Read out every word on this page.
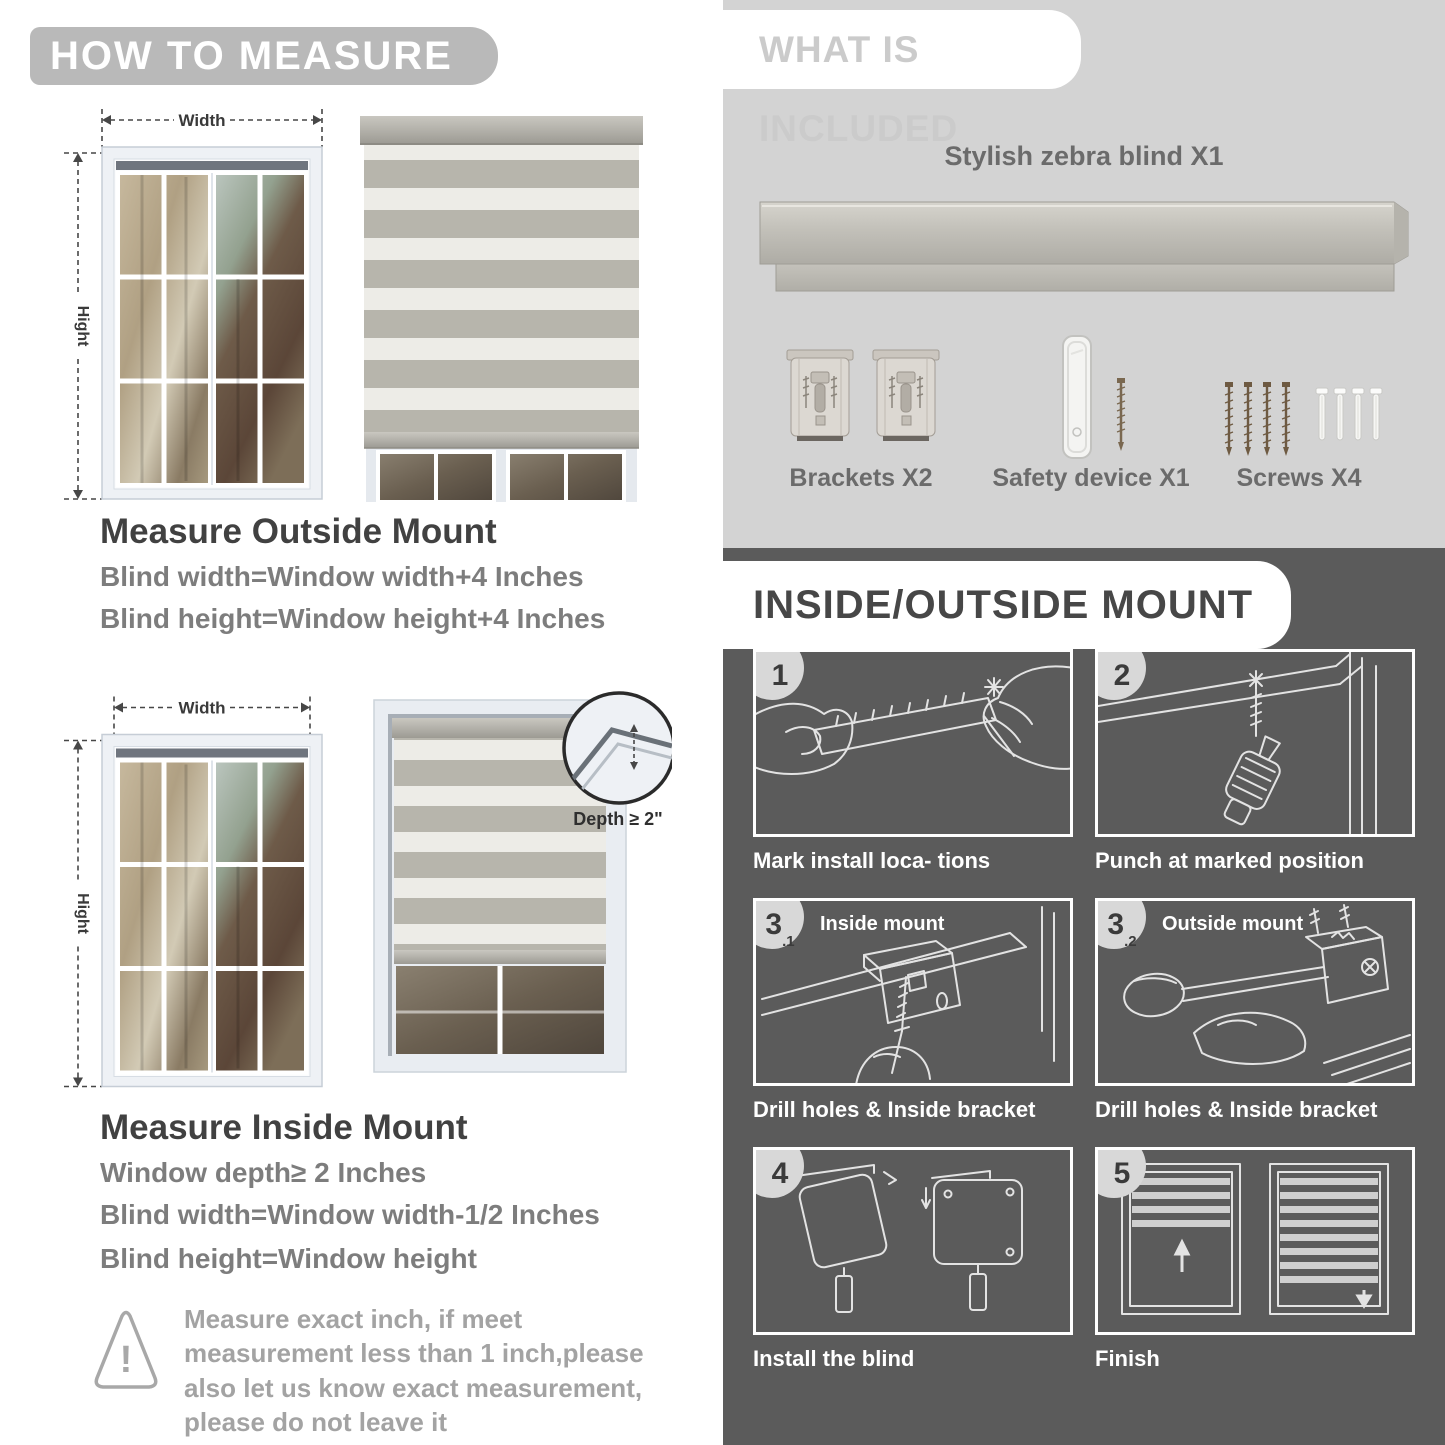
HOW TO MEASURE
Width
Hight
Measure Outside Mount
Blind width=Window width+4 Inches
Blind height=Window height+4 Inches
Width
Hight
Depth ≥ 2"
Measure Inside Mount
Window depth≥ 2 Inches
Blind width=Window width-1/2 Inches
Blind height=Window height
!
Measure exact inch, if meet measurement less than 1 inch,please also let us know exact measurement, please do not leave it
WHAT IS INCLUDED
Stylish zebra blind X1
Brackets X2	Safety device X1	Screws X4
INSIDE/OUTSIDE MOUNT
1
Mark install loca- tions
2
Punch at marked position
3
.1
Inside mount
Drill holes & Inside bracket
3
.2
Outside mount
Drill holes & Inside bracket
4
Install the blind
5
Finish
